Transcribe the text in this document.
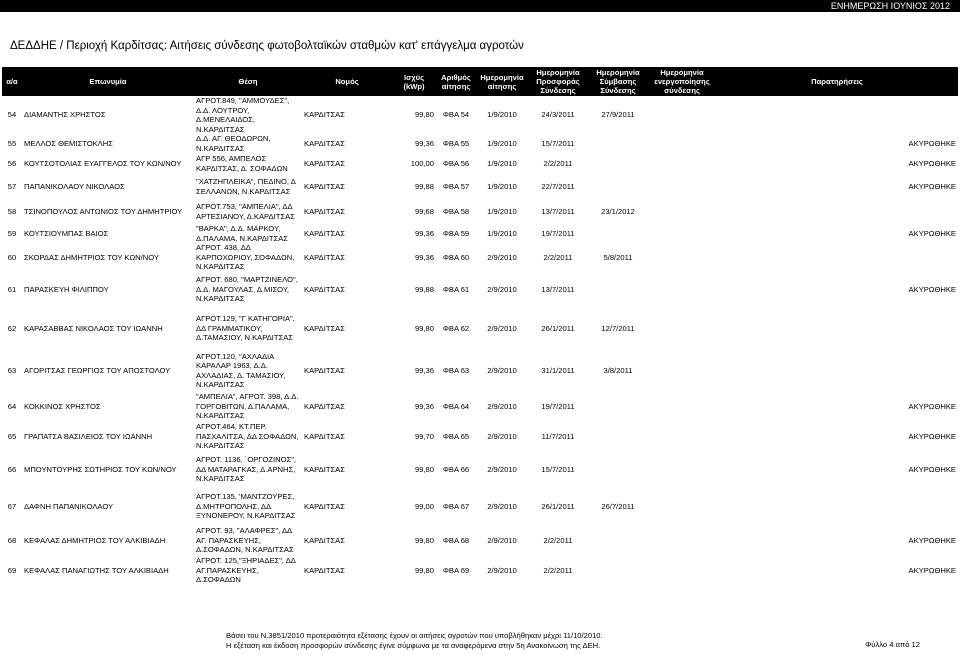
ΕΝΗΜΕΡΩΣΗ ΙΟΥΝΙΟΣ 2012
ΔΕΔΔΗΕ / Περιοχή Καρδίτσας: Αιτήσεις σύνδεσης φωτοβολταϊκών σταθμών κατ' επάγγελμα αγροτών
α/α	Επωνυμία	Θέση	Νομός	Ισχύς (kWp)	Αριθμός αίτησης	Ημερομηνία αίτησης	Ημερομηνία Προσφοράς Σύνδεσης	Ημερομηνία Σύμβασης Σύνδεσης	Ημερομηνία ενεργοποίησης σύνδεσης	Παρατηρήσεις
54	ΔΙΑΜΑΝΤΗΣ ΧΡΗΣΤΟΣ	ΑΓΡΟΤ.849, "ΑΜΜΟΥΔΕΣ", Δ.Δ. ΛΟΥΤΡΟΥ, Δ.ΜΕΝΕΛΑΙΔΟΣ, Ν.ΚΑΡΔΙΤΣΑΣ	ΚΑΡΔΙΤΣΑΣ	99,80	ΦΒΑ 54	1/9/2010	24/3/2011	27/9/2011		
55	ΜΕΛΛΟΣ ΘΕΜΙΣΤΟΚΛΗΣ	Δ.Δ. ΑΓ. ΘΕΟΔΩΡΩΝ, Ν.ΚΑΡΔΙΤΣΑΣ	ΚΑΡΔΙΤΣΑΣ	99,36	ΦΒΑ 55	1/9/2010	15/7/2011			ΑΚΥΡΩΘΗΚΕ
56	ΚΟΥΤΣΟΤΟΛΙΑΣ ΕΥΑΓΓΕΛΟΣ ΤΟΥ ΚΩΝ/ΝΟΥ	ΑΓΡ 556, ΑΜΠΕΛΟΣ ΚΑΡΔΙΤΣΑΣ, Δ. ΣΟΦΑΔΩΝ	ΚΑΡΔΙΤΣΑΣ	100,00	ΦΒΑ 56	1/9/2010	2/2/2011			ΑΚΥΡΩΘΗΚΕ

57	ΠΑΠΑΝΙΚΟΛΑΟΥ ΝΙΚΟΛΑΟΣ	"ΧΑΤΖΗΠΛΕΙΚΑ", ΠΕΔΙΝΟ, Δ ΣΕΛΛΑΝΩΝ, Ν.ΚΑΡΔΙΤΣΑΣ	ΚΑΡΔΙΤΣΑΣ	99,88	ΦΒΑ 57	1/9/2010	22/7/2011			ΑΚΥΡΩΘΗΚΕ

58	ΤΣΙΝΟΠΟΥΛΟΣ ΑΝΤΩΝΙΟΣ ΤΟΥ ΔΗΜΗΤΡΙΟΥ	ΑΓΡΟΤ.753, "ΑΜΠΕΛΙΑ", ΔΔ ΑΡΤΕΣΙΑΝΟΥ, Δ.ΚΑΡΔΙΤΣΑΣ	ΚΑΡΔΙΤΣΑΣ	99,68	ΦΒΑ 58	1/9/2010	13/7/2011	23/1/2012		
59	ΚΟΥΤΣΙΟΥΜΠΑΣ ΒΑΙΟΣ	"ΒΑΡΚΑ", Δ.Δ. ΜΑΡΚΟΥ, Δ.ΠΑΛΑΜΑ, Ν.ΚΑΡΔΙΤΣΑΣ	ΚΑΡΔΙΤΣΑΣ	99,36	ΦΒΑ 59	1/9/2010	19/7/2011			ΑΚΥΡΩΘΗΚΕ
60	ΣΚΟΡΔΑΣ ΔΗΜΗΤΡΙΟΣ ΤΟΥ ΚΩΝ/ΝΟΥ	ΑΓΡΟΤ. 438, ΔΔ ΚΑΡΠΟΧΩΡΙΟΥ, ΣΟΦΑΔΩΝ, Ν.ΚΑΡΔΙΤΣΑΣ	ΚΑΡΔΙΤΣΑΣ	99,36	ΦΒΑ 60	2/9/2010	2/2/2011	5/8/2011		

61	ΠΑΡΑΣΚΕΥΗ ΦΙΛΙΠΠΟΥ	ΑΓΡΟΤ. 680, "ΜΑΡΤΖΙΝΕΛΟ", Δ.Δ. ΜΑΓΟΥΛΑΣ, Δ.ΜΙΣΟΥ, Ν.ΚΑΡΔΙΤΣΑΣ	ΚΑΡΔΙΤΣΑΣ	99,88	ΦΒΑ 61	2/9/2010	13/7/2011			ΑΚΥΡΩΘΗΚΕ

62	ΚΑΡΑΣΑΒΒΑΣ ΝΙΚΟΛΑΟΣ ΤΟΥ ΙΩΑΝΝΗ	ΑΓΡΟΤ.129, "Γ ΚΑΤΗΓΟΡΙΑ", ΔΔ ΓΡΑΜΜΑΤΙΚΟΥ, Δ.ΤΑΜΑΣΙΟΥ, Ν.ΚΑΡΔΙΤΣΑΣ	ΚΑΡΔΙΤΣΑΣ	99,80	ΦΒΑ 62	2/9/2010	26/1/2011	12/7/2011		
63	ΑΓΟΡΙΤΣΑΣ ΓΕΩΡΓΙΟΣ ΤΟΥ ΑΠΟΣΤΟΛΟΥ	ΑΓΡΟΤ.120, "ΑΧΛΑΔΙΑ ΚΑΡΑΛΑΡ 1963, Δ.Δ. ΑΧΛΑΔΙΑΣ, Δ. ΤΑΜΑΣΙΟΥ, Ν.ΚΑΡΔΙΤΣΑΣ	ΚΑΡΔΙΤΣΑΣ	99,36	ΦΒΑ 63	2/9/2010	31/1/2011	3/8/2011		
64	ΚΟΚΚΙΝΟΣ ΧΡΗΣΤΟΣ	"ΑΜΠΕΛΙΑ", ΑΓΡΟΤ. 398, Δ.Δ. ΓΟΡΓΟΒΙΤΩΝ, Δ.ΠΑΛΑΜΑ, Ν.ΚΑΡΔΙΤΣΑΣ	ΚΑΡΔΙΤΣΑΣ	99,36	ΦΒΑ 64	2/9/2010	19/7/2011			ΑΚΥΡΩΘΗΚΕ
65	ΓΡΑΠΑΤΣΑ ΒΑΣΙΛΕΙΟΣ ΤΟΥ ΙΩΑΝΝΗ	ΑΓΡΟΤ.464, ΚΤ.ΠΕΡ. ΠΑΣΧΑΛΙΤΣΑ, ΔΔ ΣΟΦΑΔΩΝ, Ν.ΚΑΡΔΙΤΣΑΣ	ΚΑΡΔΙΤΣΑΣ	99,70	ΦΒΑ 65	2/9/2010	11/7/2011			ΑΚΥΡΩΘΗΚΕ

66	ΜΠΟΥΝΤΟΥΡΗΣ ΣΩΤΗΡΙΟΣ ΤΟΥ ΚΩΝ/ΝΟΥ	ΑΓΡΟΤ. 1136, `ΟΡΓΟΖΙΝΟΣ", ΔΔ ΜΑΤΑΡΑΓΚΑΣ, Δ.ΑΡΝΗΣ, Ν.ΚΑΡΔΙΤΣΑΣ	ΚΑΡΔΙΤΣΑΣ	99,80	ΦΒΑ 66	2/9/2010	15/7/2011			ΑΚΥΡΩΘΗΚΕ

67	ΔΑΦΝΗ ΠΑΠΑΝΙΚΟΛΑΟΥ	ΑΓΡΟΤ.135, 'ΜΑΝΤΖΟΥΡΕΣ, Δ.ΜΗΤΡΟΠΟΛΗΣ, ΔΔ ΞΥΝΟΝΕΡΟΥ, Ν.ΚΑΡΔΙΤΣΑΣ	ΚΑΡΔΙΤΣΑΣ	99,00	ΦΒΑ 67	2/9/2010	26/1/2011	26/7/2011		
68	ΚΕΦΑΛΑΣ ΔΗΜΗΤΡΙΟΣ ΤΟΥ ΑΛΚΙΒΙΑΔΗ	ΑΓΡΟΤ. 93, "ΑΛΑΦΡΕΣ", ΔΔ ΑΓ. ΠΑΡΑΣΚΕΥΗΣ, Δ.ΣΟΦΑΔΩΝ, Ν.ΚΑΡΔΙΤΣΑΣ	ΚΑΡΔΙΤΣΑΣ	99,80	ΦΒΑ 68	2/9/2010	2/2/2011			ΑΚΥΡΩΘΗΚΕ
69	ΚΕΦΑΛΑΣ ΠΑΝΑΓΙΩΤΗΣ ΤΟΥ ΑΛΚΙΒΙΑΔΗ	ΑΓΡΟΤ. 125,"ΞΗΡΙΑΔΕΣ", ΔΔ ΑΓ.ΠΑΡΑΣΚΕΥΗΣ, Δ.ΣΟΦΑΔΩΝ	ΚΑΡΔΙΤΣΑΣ	99,80	ΦΒΑ 69	2/9/2010	2/2/2011			ΑΚΥΡΩΘΗΚΕ
Βάσει του Ν.3851/2010 προτεραιότητα εξέτασης έχουν οι αιτήσεις αγροτών που υποβλήθηκαν μέχρι 11/10/2010.
Η εξέταση και έκδοση προσφορών σύνδεσης έγινε σύμφωνα με τα αναφερόμενα στην 5η Ανακοίνωση της ΔΕΗ.	Φύλλο 4 από 12
